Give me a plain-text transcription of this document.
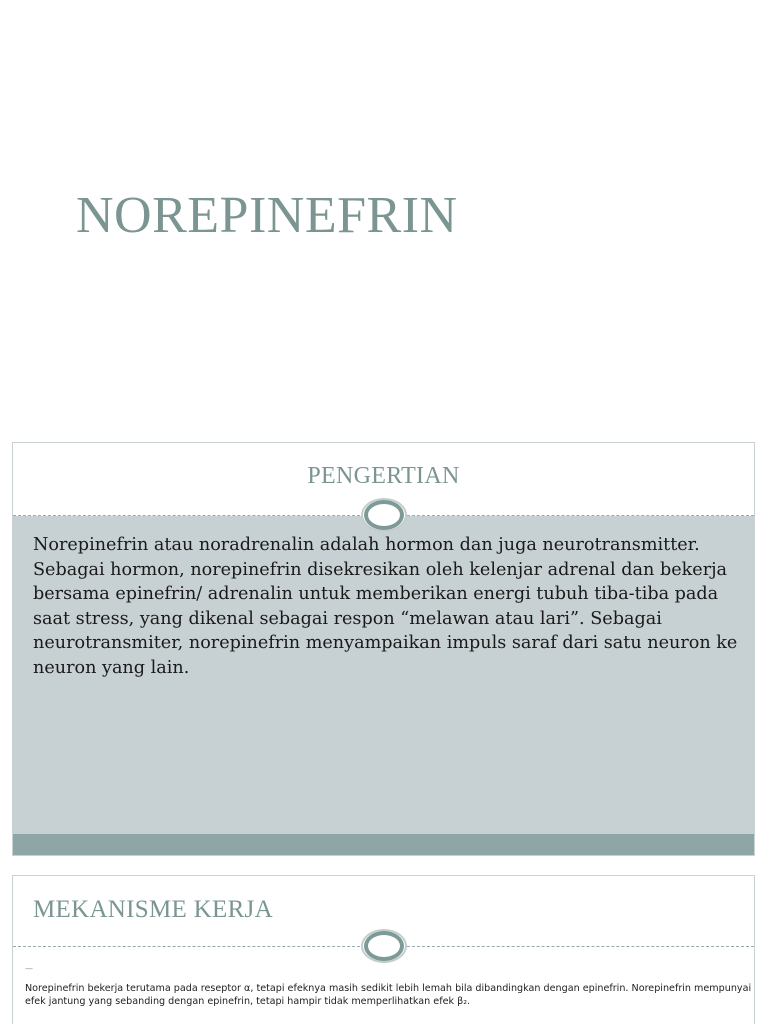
NOREPINEFRIN
PENGERTIAN

Norepinefrin atau noradrenalin adalah hormon dan juga neurotransmitter. Sebagai hormon, norepinefrin disekresikan oleh kelenjar adrenal dan bekerja bersama epinefrin/ adrenalin untuk memberikan energi tubuh tiba-tiba pada saat stress, yang dikenal sebagai respon “melawan atau lari”. Sebagai neurotransmiter, norepinefrin menyampaikan impuls saraf dari satu neuron ke neuron yang lain.

MEKANISME KERJA
—

Norepinefrin bekerja terutama pada reseptor α, tetapi efeknya masih sedikit lebih lemah bila dibandingkan dengan epinefrin. Norepinefrin mempunyai efek jantung yang sebanding dengan epinefrin, tetapi hampir tidak memperlihatkan efek β₂.
